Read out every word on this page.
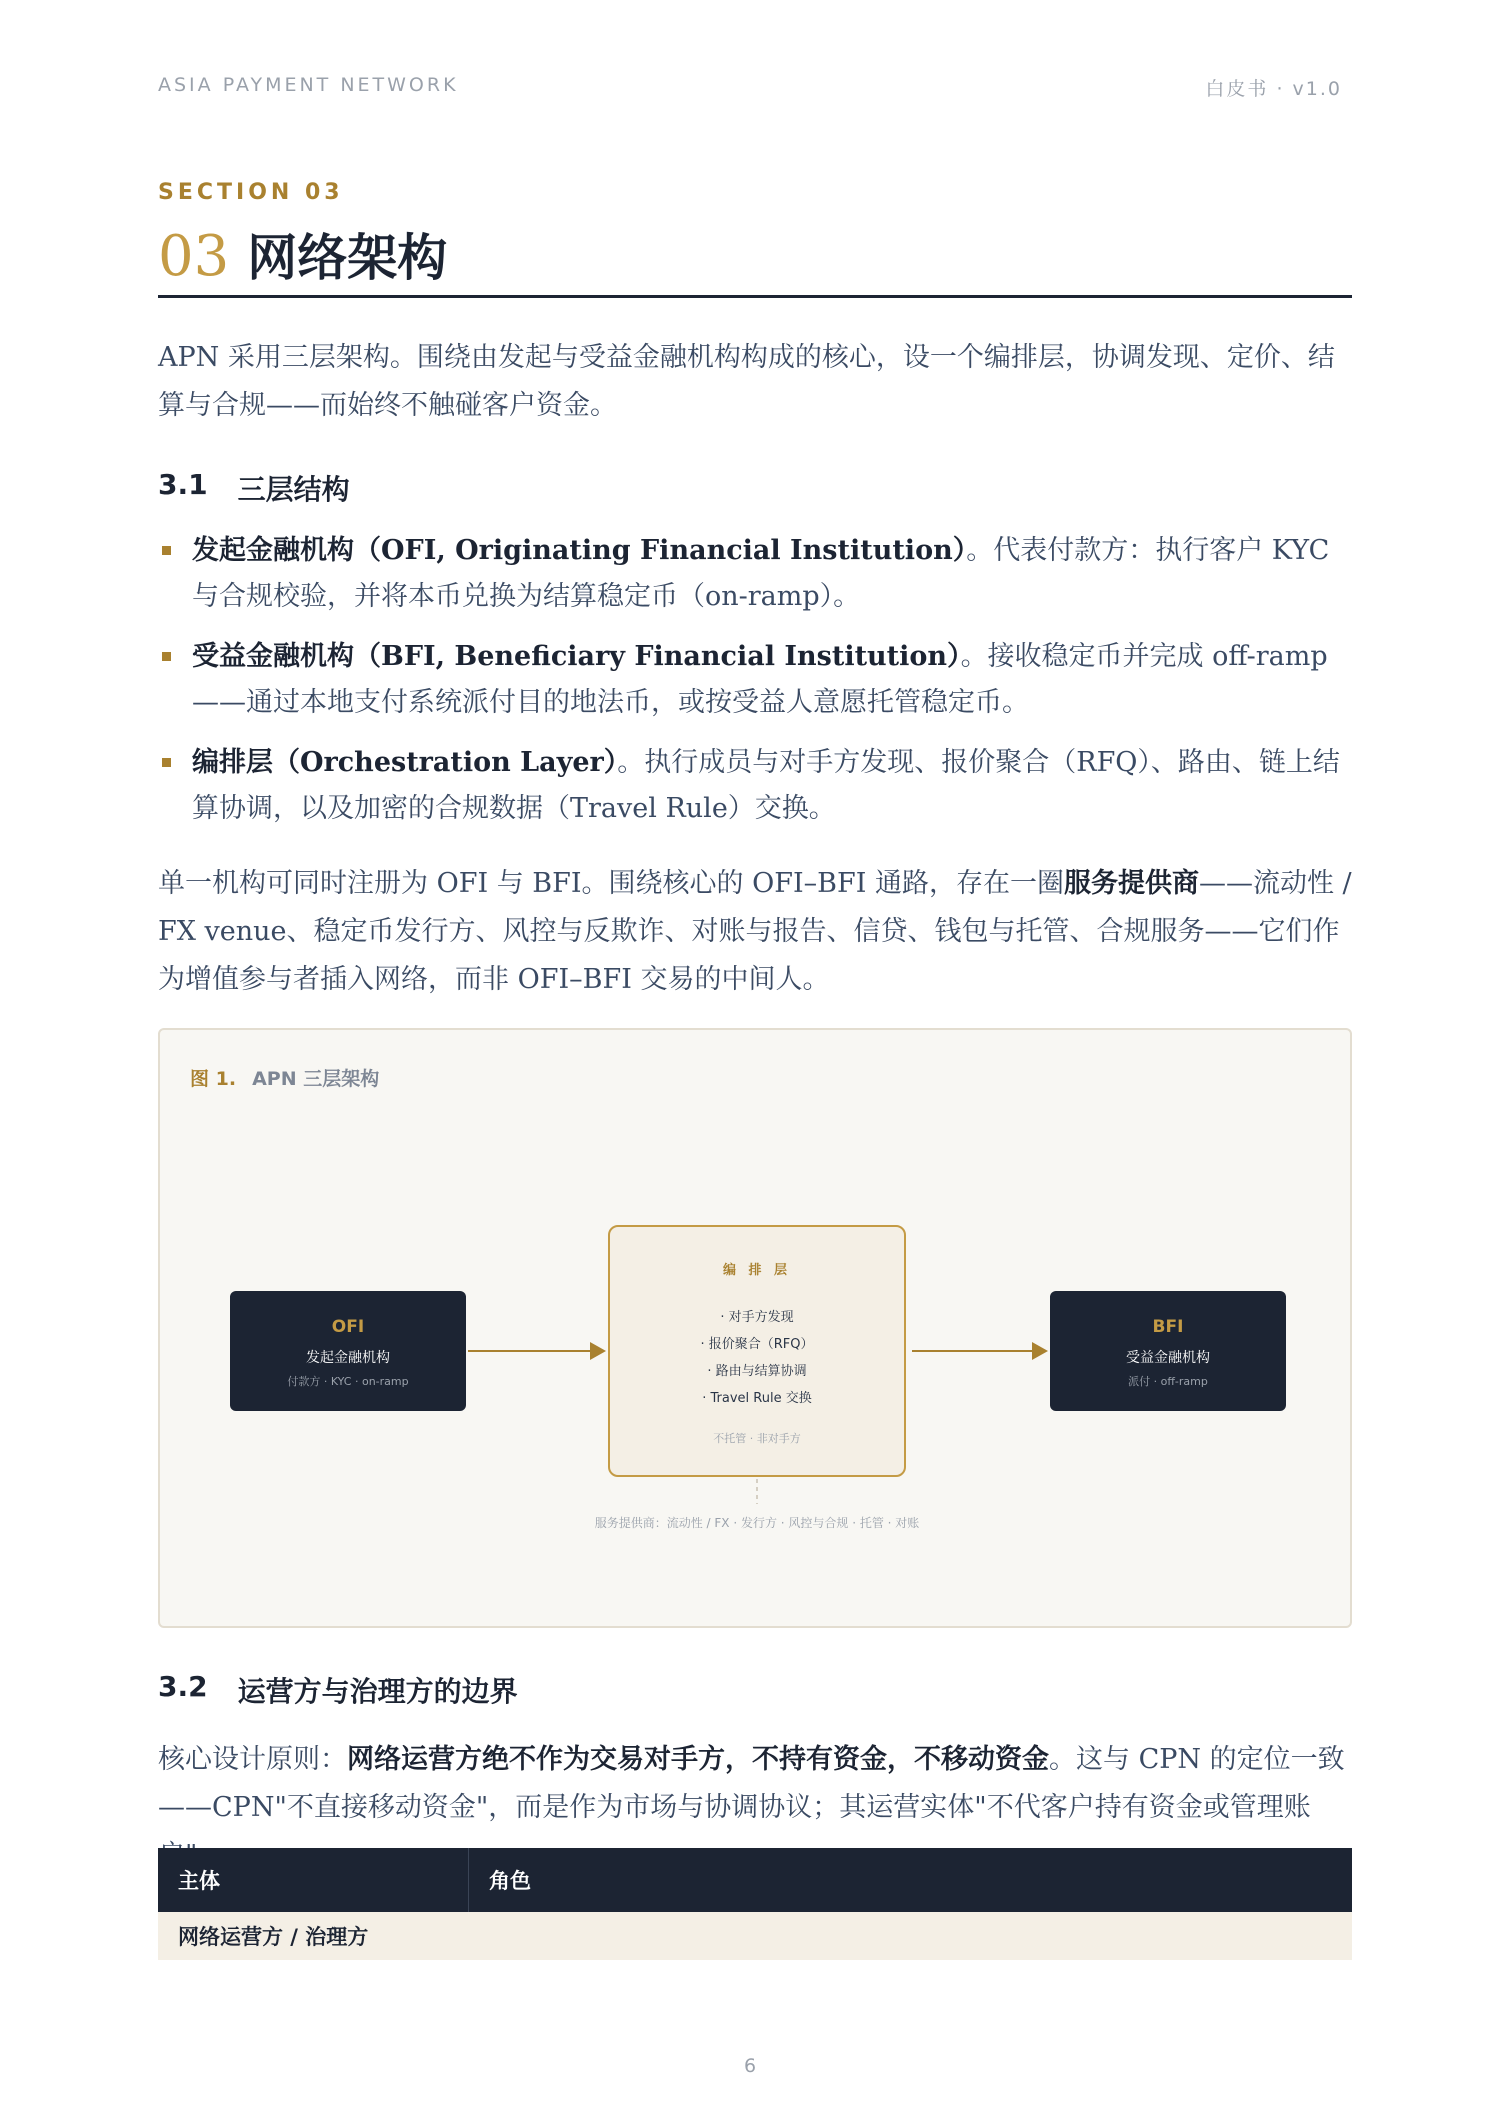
ASIA PAYMENT NETWORK	白皮书 · v1.0
SECTION 03
03 网络架构

APN 采用三层架构。围绕由发起与受益金融机构构成的核心，设一个编排层，协调发现、定价、结算与合规——而始终不触碰客户资金。

3.1 三层结构
发起金融机构（OFI, Originating Financial Institution）。代表付款方：执行客户 KYC 与合规校验，并将本币兑换为结算稳定币（on-ramp）。
受益金融机构（BFI, Beneficiary Financial Institution）。接收稳定币并完成 off-ramp——通过本地支付系统派付目的地法币，或按受益人意愿托管稳定币。
编排层（Orchestration Layer）。执行成员与对手方发现、报价聚合（RFQ）、路由、链上结算协调，以及加密的合规数据（Travel Rule）交换。

单一机构可同时注册为 OFI 与 BFI。围绕核心的 OFI–BFI 通路，存在一圈服务提供商——流动性 / FX venue、稳定币发行方、风控与反欺诈、对账与报告、信贷、钱包与托管、合规服务——它们作为增值参与者插入网络，而非 OFI–BFI 交易的中间人。

图 1. APN 三层架构
OFI
发起金融机构
付款方 · KYC · on-ramp
编 排 层
· 对手方发现
· 报价聚合（RFQ）
· 路由与结算协调
· Travel Rule 交换
不托管 · 非对手方
BFI
受益金融机构
派付 · off-ramp
服务提供商：流动性 / FX · 发行方 · 风控与合规 · 托管 · 对账
3.2 运营方与治理方的边界

核心设计原则：网络运营方绝不作为交易对手方，不持有资金，不移动资金。这与 CPN 的定位一致——CPN"不直接移动资金"，而是作为市场与协调协议；其运营实体"不代客户持有资金或管理账

主体	角色
网络运营方 / 治理方
6
